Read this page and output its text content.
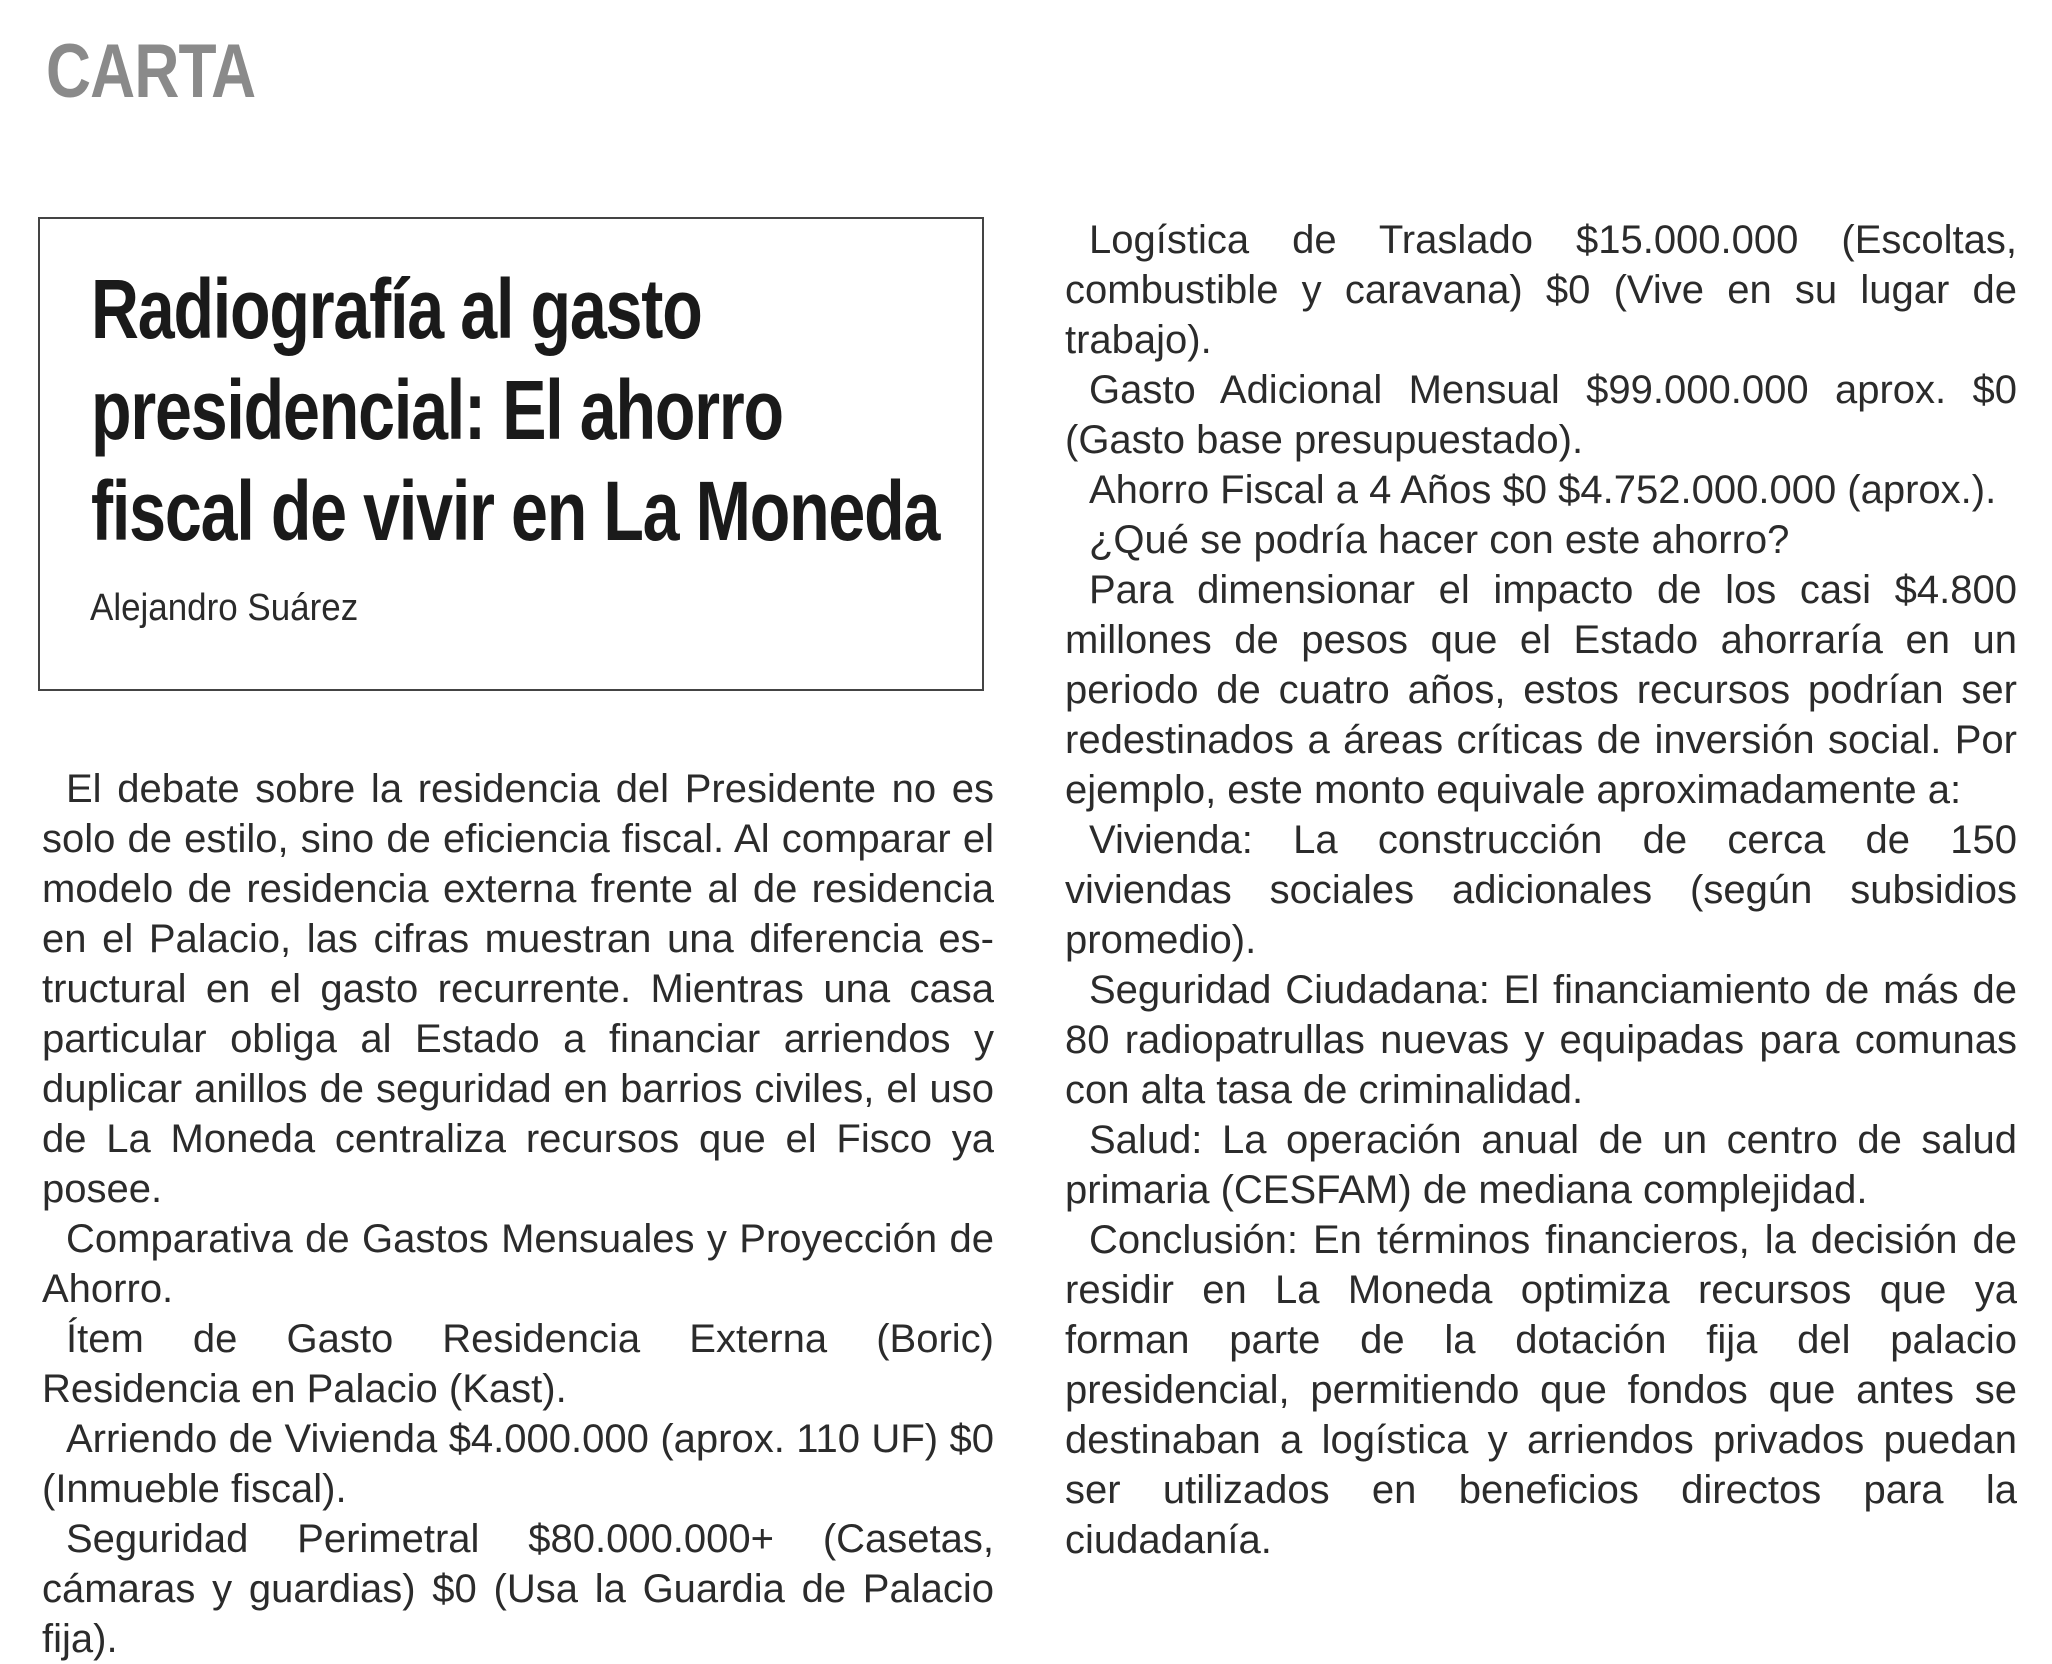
CARTA
Radiografía al gasto
presidencial: El ahorro
fiscal de vivir en La Moneda
Alejandro Suárez

El debate sobre la residencia del Presidente no es solo de estilo, sino de eficiencia fiscal. Al comparar el modelo de residencia externa frente al de residencia en el Palacio, las cifras muestran una diferencia es-tructural en el gasto recurrente. Mientras una casa particular obliga al Estado a financiar arriendos y duplicar anillos de seguridad en barrios civiles, el uso de La Moneda centraliza recursos que el Fisco ya posee.

Comparativa de Gastos Mensuales y Proyección de Ahorro.

Ítem de Gasto Residencia Externa (Boric) Residencia en Palacio (Kast).

Arriendo de Vivienda $4.000.000 (aprox. 110 UF) $0 (Inmueble fiscal).

Seguridad Perimetral $80.000.000+ (Casetas, cámaras y guardias) $0 (Usa la Guardia de Palacio fija).

Logística de Traslado $15.000.000 (Escoltas, combustible y caravana) $0 (Vive en su lugar de trabajo).

Gasto Adicional Mensual $99.000.000 aprox. $0 (Gasto base presupuestado).

Ahorro Fiscal a 4 Años $0 $4.752.000.000 (aprox.).

¿Qué se podría hacer con este ahorro?

Para dimensionar el impacto de los casi $4.800 millones de pesos que el Estado ahorraría en un periodo de cuatro años, estos recursos podrían ser redestinados a áreas críticas de inversión social. Por ejemplo, este monto equivale aproximadamente a:

Vivienda: La construcción de cerca de 150 viviendas sociales adicionales (según subsidios promedio).

Seguridad Ciudadana: El financiamiento de más de 80 radiopatrullas nuevas y equipadas para comunas con alta tasa de criminalidad.

Salud: La operación anual de un centro de salud primaria (CESFAM) de mediana complejidad.

Conclusión: En términos financieros, la decisión de residir en La Moneda optimiza recursos que ya forman parte de la dotación fija del palacio presidencial, permitiendo que fondos que antes se destinaban a logística y arriendos privados puedan ser utilizados en beneficios directos para la ciudadanía.
